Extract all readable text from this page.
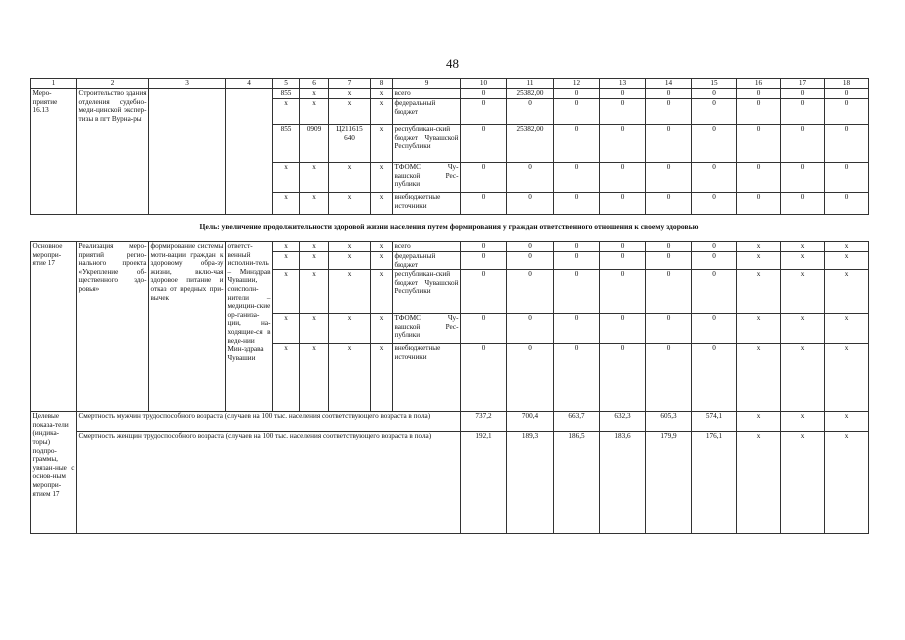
48
1	2	3	4	5	6	7	8	9	10	11	12	13	14	15	16	17	18
Меро-приятие 16.13	Строительство здания отделения судебно-меди-цинской экспер-тизы в пгт Вурна-ры			855	x	x	x	всего	0	25382,00	0	0	0	0	0	0	0
				x	x	x	x	федеральный бюджет	0	0	0	0	0	0	0	0	0
				855	0909	Ц211615 640	x	республикан-ский бюджет Чувашской Республики	0	25382,00	0	0	0	0	0	0	0
				x	x	x	x	ТФОМС Чу-вашской Рес-публики	0	0	0	0	0	0	0	0	0
				x	x	x	x	внебюджетные источники	0	0	0	0	0	0	0	0	0
Цель: увеличение продолжительности здоровой жизни населения путем формирования у граждан ответственного отношения к своему здоровью
Основное меропри-ятие 17	Реализация меро-приятий регио-нального проекта «Укрепление об-щественного здо-ровья»	формирование системы моти-вации граждан к здоровому обра-зу жизни, вклю-чая здоровое питание и отказ от вредных при-вычек	ответст-венный исполни-тель – Минздрав Чувашии, соисполн-нители – медицин-ские ор-ганиза-ции, на-ходящие-ся в веде-нии Мин-здрава Чувашии	x	x	x	x	всего	0	0	0	0	0	0	x	x	x
				x	x	x	x	федеральный бюджет	0	0	0	0	0	0	x	x	x
				x	x	x	x	республикан-ский бюджет Чувашской Республики	0	0	0	0	0	0	x	x	x
				x	x	x	x	ТФОМС Чу-вашской Рес-публики	0	0	0	0	0	0	x	x	x
				x	x	x	x	внебюджетные источники	0	0	0	0	0	0	x	x	x
Целевые показа-тели (индика-торы) подпро-граммы, увязан-ные с основ-ным меропри-ятием 17	Смертность мужчин трудоспособного возраста (случаев на 100 тыс. населения соответствующего возраста в пола)								737,2	700,4	663,7	632,3	605,3	574,1	x	x	x
	Смертность женщин трудоспособного возраста (случаев на 100 тыс. населения соответствующего возраста в пола)								192,1	189,3	186,5	183,6	179,9	176,1	x	x	x
